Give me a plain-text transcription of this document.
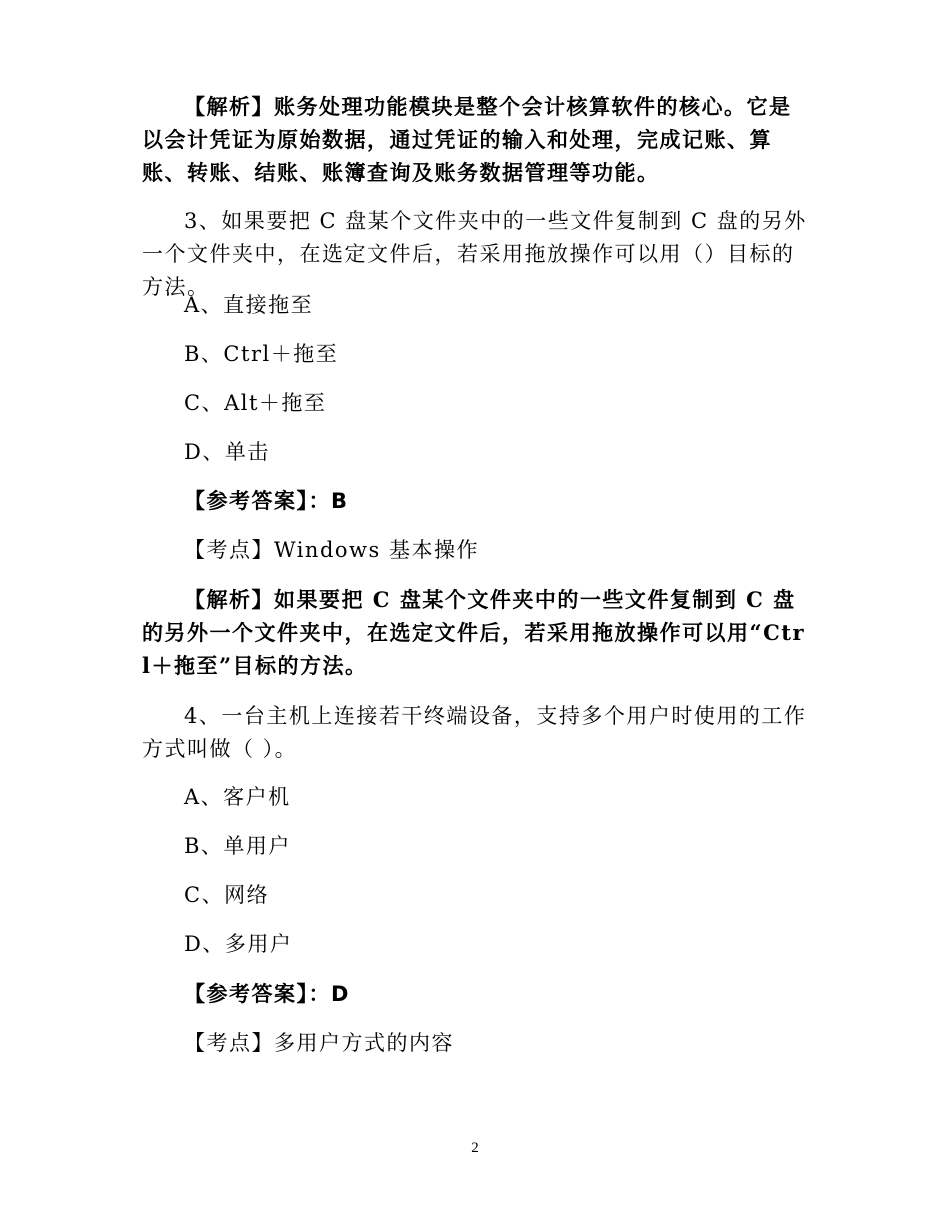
【解析】账务处理功能模块是整个会计核算软件的核心。它是以会计凭证为原始数据，通过凭证的输入和处理，完成记账、算账、转账、结账、账簿查询及账务数据管理等功能。

3、如果要把 C 盘某个文件夹中的一些文件复制到 C 盘的另外一个文件夹中，在选定文件后，若采用拖放操作可以用（）目标的方法。

A、直接拖至

B、Ctrl＋拖至

C、Alt＋拖至

D、单击

【参考答案】：B

【考点】Windows 基本操作

【解析】如果要把 C 盘某个文件夹中的一些文件复制到 C 盘的另外一个文件夹中，在选定文件后，若采用拖放操作可以用“Ctrl＋拖至”目标的方法。

4、一台主机上连接若干终端设备，支持多个用户时使用的工作方式叫做（ ）。

A、客户机

B、单用户

C、网络

D、多用户

【参考答案】：D

【考点】多用户方式的内容

2
